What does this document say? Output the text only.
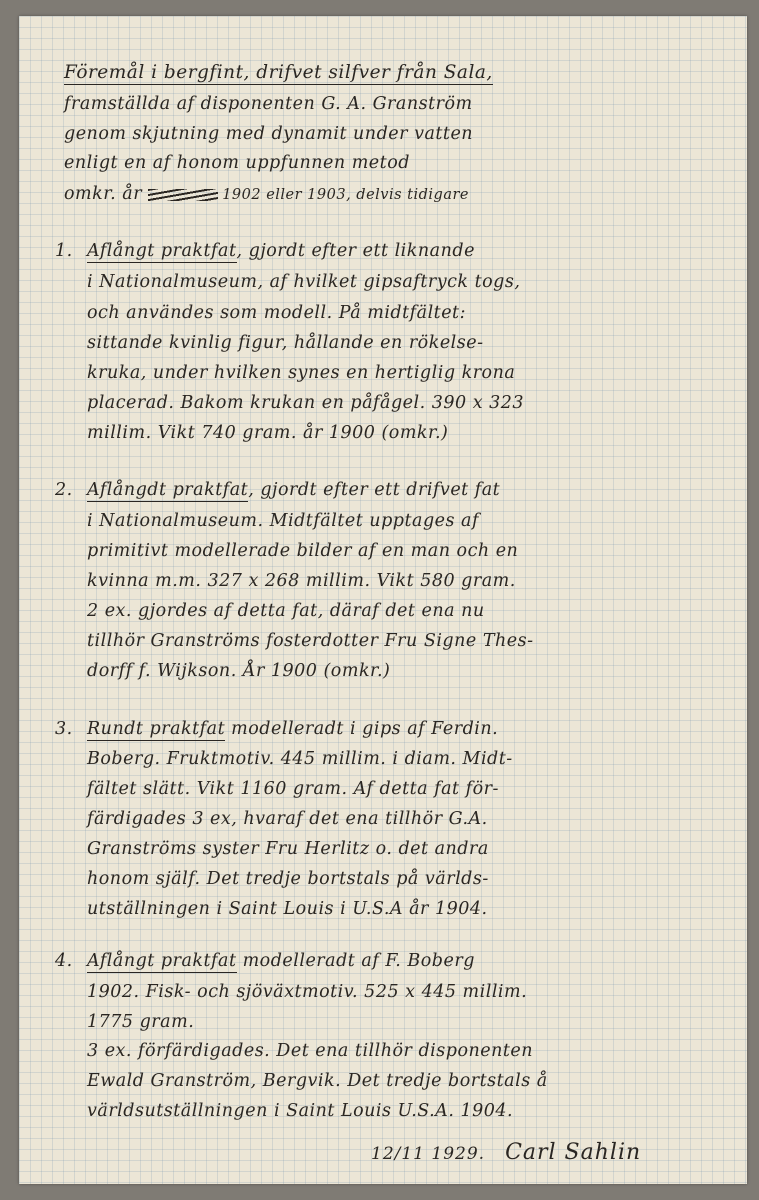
Föremål i bergfint, drifvet silfver från Sala,
framställda af disponenten G. A. Granström
genom skjutning med dynamit under vatten
enligt en af honom uppfunnen metod
omkr. år	1902 eller 1903, delvis tidigare
1. Aflångt praktfat, gjordt efter ett liknande
i Nationalmuseum, af hvilket gipsaftryck togs,
och användes som modell. På midtfältet:
sittande kvinlig figur, hållande en rökelse-
kruka, under hvilken synes en hertiglig krona
placerad. Bakom krukan en påfågel. 390 x 323
millim. Vikt 740 gram. år 1900 (omkr.)
2. Aflångdt praktfat, gjordt efter ett drifvet fat
i Nationalmuseum. Midtfältet upptages af
primitivt modellerade bilder af en man och en
kvinna m.m. 327 x 268 millim. Vikt 580 gram.
2 ex. gjordes af detta fat, däraf det ena nu
tillhör Granströms fosterdotter Fru Signe Thes-
dorff f. Wijkson. År 1900 (omkr.)
3. Rundt praktfat modelleradt i gips af Ferdin.
Boberg. Fruktmotiv. 445 millim. i diam. Midt-
fältet slätt. Vikt 1160 gram. Af detta fat för-
färdigades 3 ex, hvaraf det ena tillhör G.A.
Granströms syster Fru Herlitz o. det andra
honom själf. Det tredje bortstals på världs-
utställningen i Saint Louis i U.S.A år 1904.
4. Aflångt praktfat modelleradt af F. Boberg
1902. Fisk- och sjöväxtmotiv. 525 x 445 millim.
1775 gram.
3 ex. förfärdigades. Det ena tillhör disponenten
Ewald Granström, Bergvik. Det tredje bortstals å
världsutställningen i Saint Louis U.S.A. 1904.
12/11 1929. Carl Sahlin
